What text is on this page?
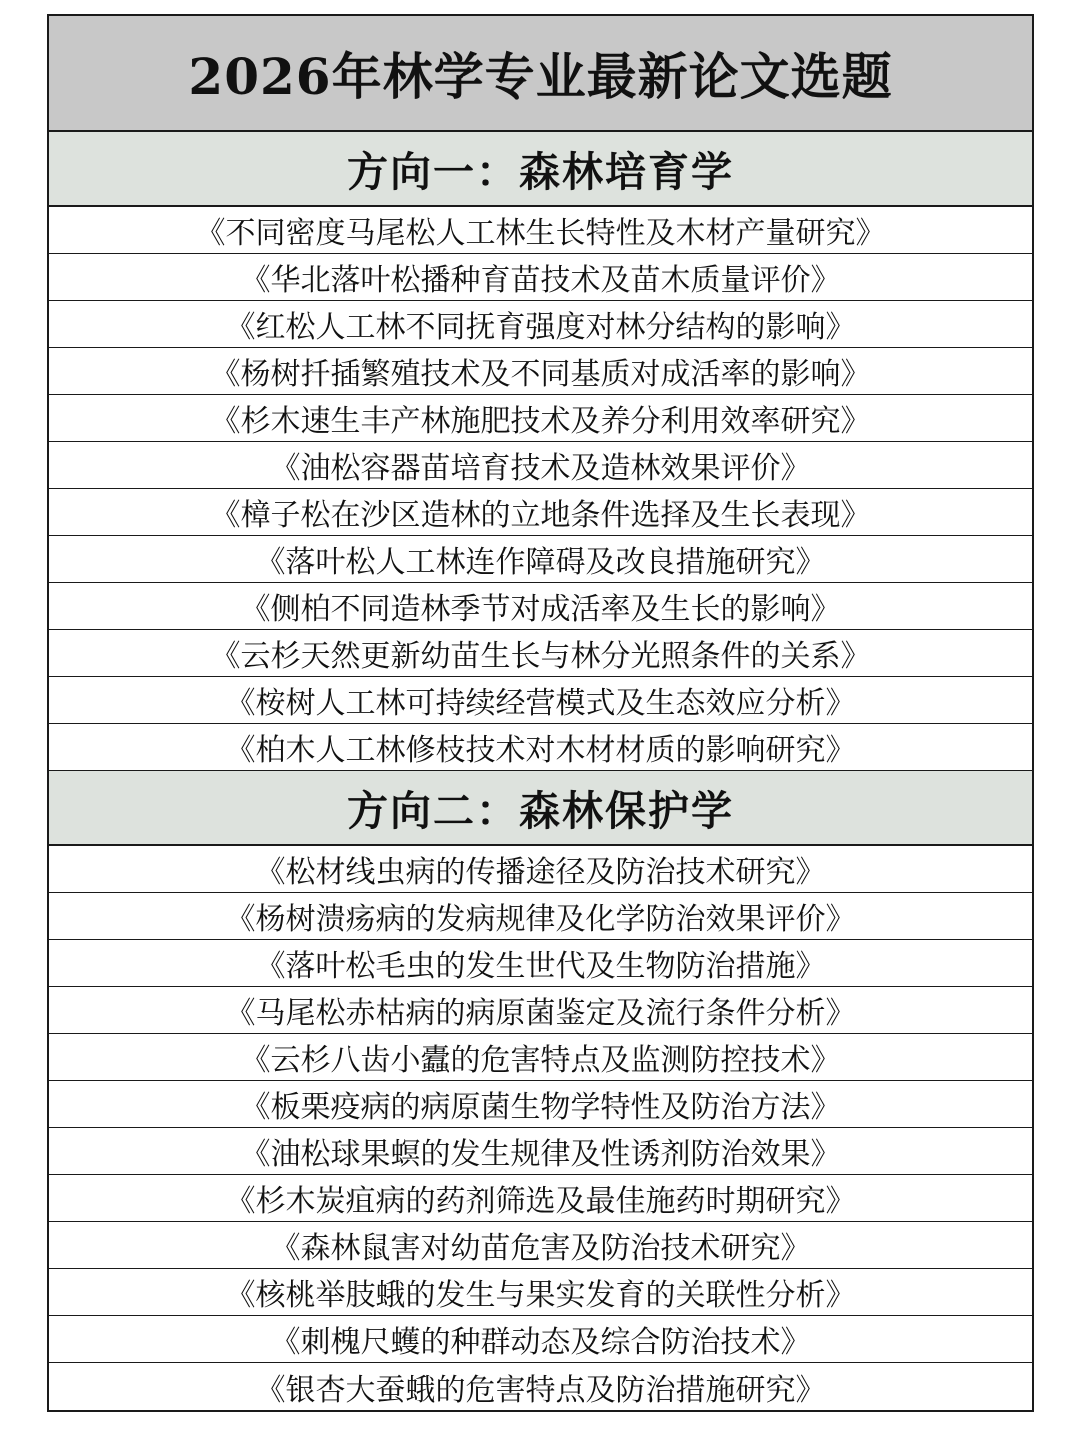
2026年林学专业最新论文选题
方向一：森林培育学
《不同密度马尾松人工林生长特性及木材产量研究》
《华北落叶松播种育苗技术及苗木质量评价》
《红松人工林不同抚育强度对林分结构的影响》
《杨树扦插繁殖技术及不同基质对成活率的影响》
《杉木速生丰产林施肥技术及养分利用效率研究》
《油松容器苗培育技术及造林效果评价》
《樟子松在沙区造林的立地条件选择及生长表现》
《落叶松人工林连作障碍及改良措施研究》
《侧柏不同造林季节对成活率及生长的影响》
《云杉天然更新幼苗生长与林分光照条件的关系》
《桉树人工林可持续经营模式及生态效应分析》
《柏木人工林修枝技术对木材材质的影响研究》
方向二：森林保护学
《松材线虫病的传播途径及防治技术研究》
《杨树溃疡病的发病规律及化学防治效果评价》
《落叶松毛虫的发生世代及生物防治措施》
《马尾松赤枯病的病原菌鉴定及流行条件分析》
《云杉八齿小蠹的危害特点及监测防控技术》
《板栗疫病的病原菌生物学特性及防治方法》
《油松球果螟的发生规律及性诱剂防治效果》
《杉木炭疽病的药剂筛选及最佳施药时期研究》
《森林鼠害对幼苗危害及防治技术研究》
《核桃举肢蛾的发生与果实发育的关联性分析》
《刺槐尺蠖的种群动态及综合防治技术》
《银杏大蚕蛾的危害特点及防治措施研究》
